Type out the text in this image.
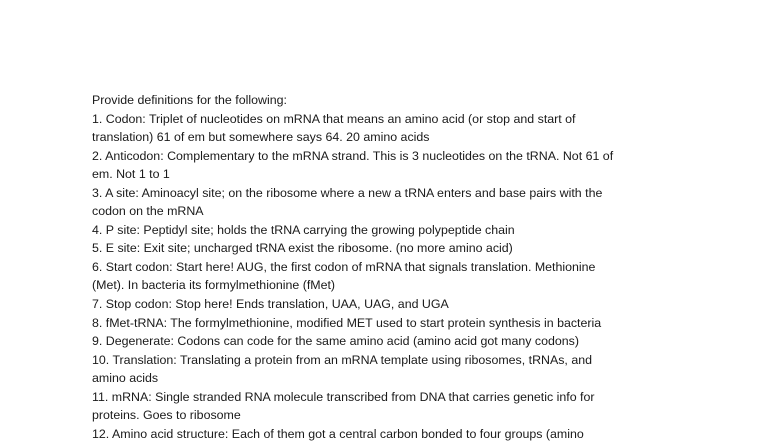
Provide definitions for the following:
1. Codon: Triplet of nucleotides on mRNA that means an amino acid (or stop and start of
translation) 61 of em but somewhere says 64. 20 amino acids
2. Anticodon: Complementary to the mRNA strand. This is 3 nucleotides on the tRNA. Not 61 of
em. Not 1 to 1
3. A site: Aminoacyl site; on the ribosome where a new a tRNA enters and base pairs with the
codon on the mRNA
4. P site: Peptidyl site; holds the tRNA carrying the growing polypeptide chain
5. E site: Exit site; uncharged tRNA exist the ribosome. (no more amino acid)
6. Start codon: Start here! AUG, the first codon of mRNA that signals translation. Methionine
(Met). In bacteria its formylmethionine (fMet)
7. Stop codon: Stop here! Ends translation, UAA, UAG, and UGA
8. fMet-tRNA: The formylmethionine, modified MET used to start protein synthesis in bacteria
9. Degenerate: Codons can code for the same amino acid (amino acid got many codons)
10. Translation: Translating a protein from an mRNA template using ribosomes, tRNAs, and
amino acids
11. mRNA: Single stranded RNA molecule transcribed from DNA that carries genetic info for
proteins. Goes to ribosome
12. Amino acid structure: Each of them got a central carbon bonded to four groups (amino
